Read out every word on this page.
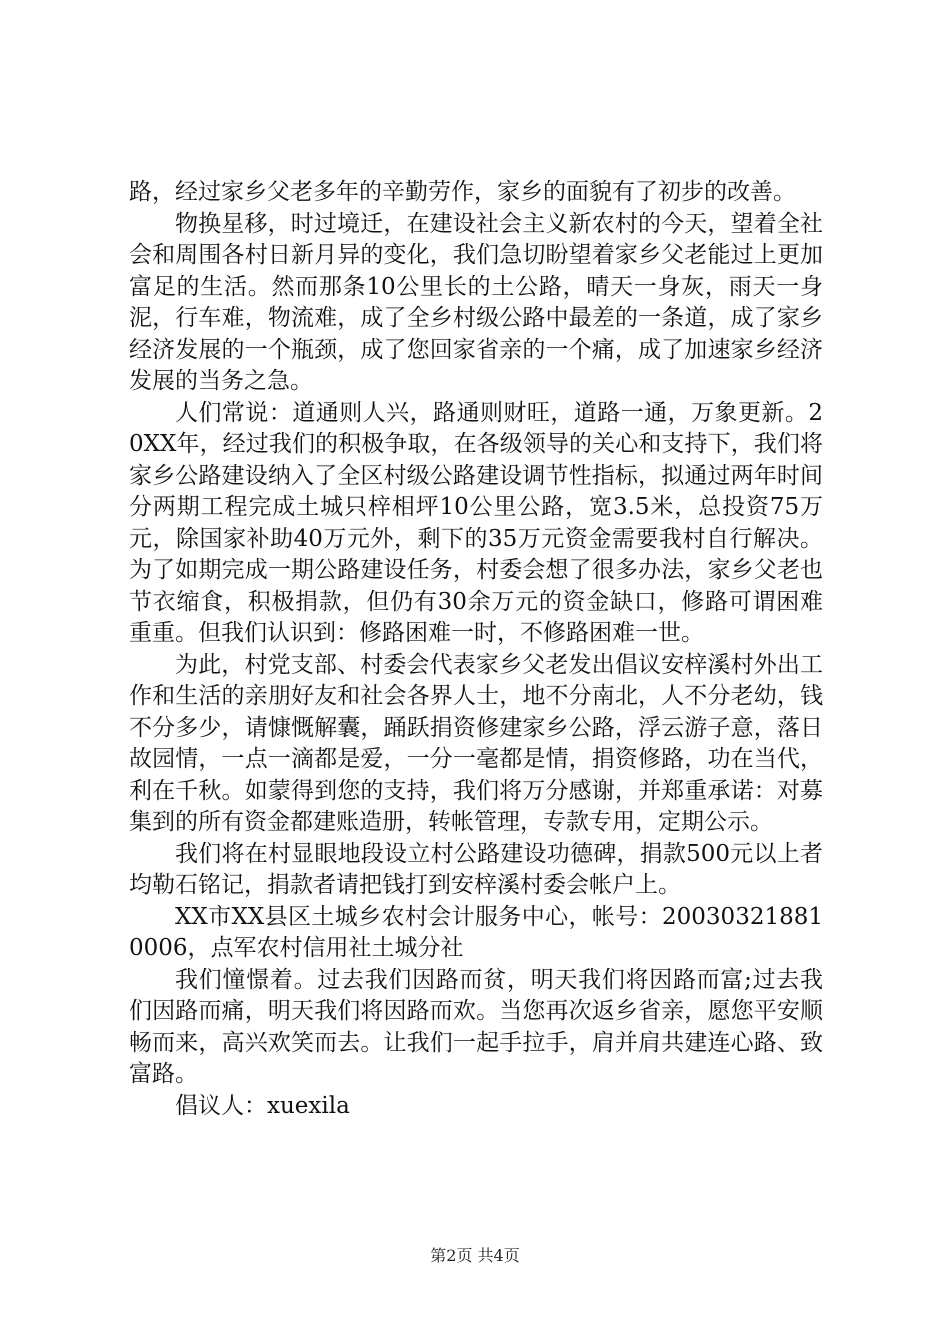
路，经过家乡父老多年的辛勤劳作，家乡的面貌有了初步的改善。

物换星移，时过境迁，在建设社会主义新农村的今天，望着全社会和周围各村日新月异的变化，我们急切盼望着家乡父老能过上更加富足的生活。然而那条10公里长的土公路，晴天一身灰，雨天一身泥，行车难，物流难，成了全乡村级公路中最差的一条道，成了家乡经济发展的一个瓶颈，成了您回家省亲的一个痛，成了加速家乡经济发展的当务之急。

人们常说：道通则人兴，路通则财旺，道路一通，万象更新。20XX年，经过我们的积极争取，在各级领导的关心和支持下，我们将家乡公路建设纳入了全区村级公路建设调节性指标，拟通过两年时间分两期工程完成土城只梓相坪10公里公路，宽3.5米，总投资75万元，除国家补助40万元外，剩下的35万元资金需要我村自行解决。为了如期完成一期公路建设任务，村委会想了很多办法，家乡父老也节衣缩食，积极捐款，但仍有30余万元的资金缺口，修路可谓困难重重。但我们认识到：修路困难一时，不修路困难一世。

为此，村党支部、村委会代表家乡父老发出倡议安梓溪村外出工作和生活的亲朋好友和社会各界人士，地不分南北，人不分老幼，钱不分多少，请慷慨解囊，踊跃捐资修建家乡公路，浮云游子意，落日故园情，一点一滴都是爱，一分一毫都是情，捐资修路，功在当代，利在千秋。如蒙得到您的支持，我们将万分感谢，并郑重承诺：对募集到的所有资金都建账造册，转帐管理，专款专用，定期公示。

我们将在村显眼地段设立村公路建设功德碑，捐款500元以上者均勒石铭记，捐款者请把钱打到安梓溪村委会帐户上。

XX市XX县区土城乡农村会计服务中心，帐号：200303218810006，点军农村信用社土城分社

我们憧憬着。过去我们因路而贫，明天我们将因路而富;过去我们因路而痛，明天我们将因路而欢。当您再次返乡省亲，愿您平安顺畅而来，高兴欢笑而去。让我们一起手拉手，肩并肩共建连心路、致富路。

倡议人：xuexila

第2页 共4页
